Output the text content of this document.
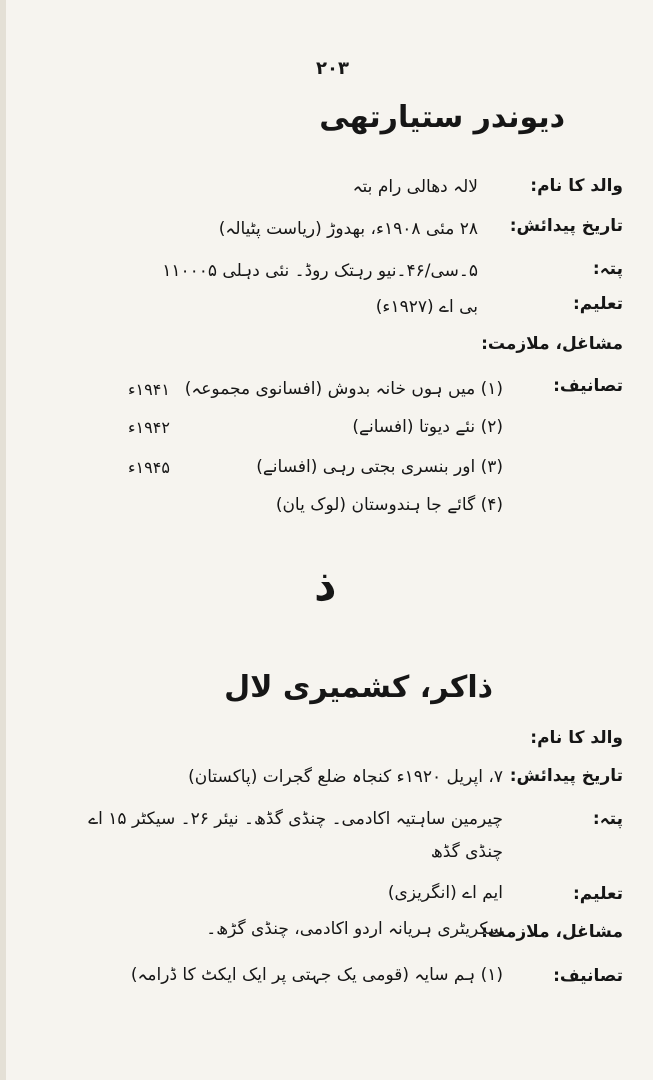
۲۰۳
دیوندر ستیارتھی
والد کا نام:
لالہ دھالی رام بتہ
تاریخ پیدائش:
۲۸ مئی ۱۹۰۸ء، بھدوڑ (ریاست پٹیالہ)
پتہ:
۵۔سی/۴۶۔نیو رہتک روڈ۔ نئی دہلی ۱۱۰۰۰۵
تعلیم:
بی اے (۱۹۲۷ء)
مشاغل، ملازمت:
تصانیف:
(۱) میں ہوں خانہ بدوش (افسانوی مجموعہ)
۱۹۴۱ء
(۲) نئے دیوتا (افسانے)
۱۹۴۲ء
(۳) اور بنسری بجتی رہی (افسانے)
۱۹۴۵ء
(۴) گائے جا ہندوستان (لوک یان)
ذ
ذاکر، کشمیری لال
والد کا نام:
تاریخ پیدائش:
۷، اپریل ۱۹۲۰ء کنجاہ ضلع گجرات (پاکستان)
پتہ:
چیرمین ساہتیہ اکادمی۔ چنڈی گڈھ۔ نیئر ۲۶۔ سیکٹر ۱۵ اے
چنڈی گڈھ
تعلیم:
ایم اے (انگریزی)
مشاغل، ملازمت:
سکریٹری ہریانہ اردو اکادمی، چنڈی گڑھ۔
تصانیف:
(۱) ہم سایہ (قومی یک جہتی پر ایک ایکٹ کا ڈرامہ)
